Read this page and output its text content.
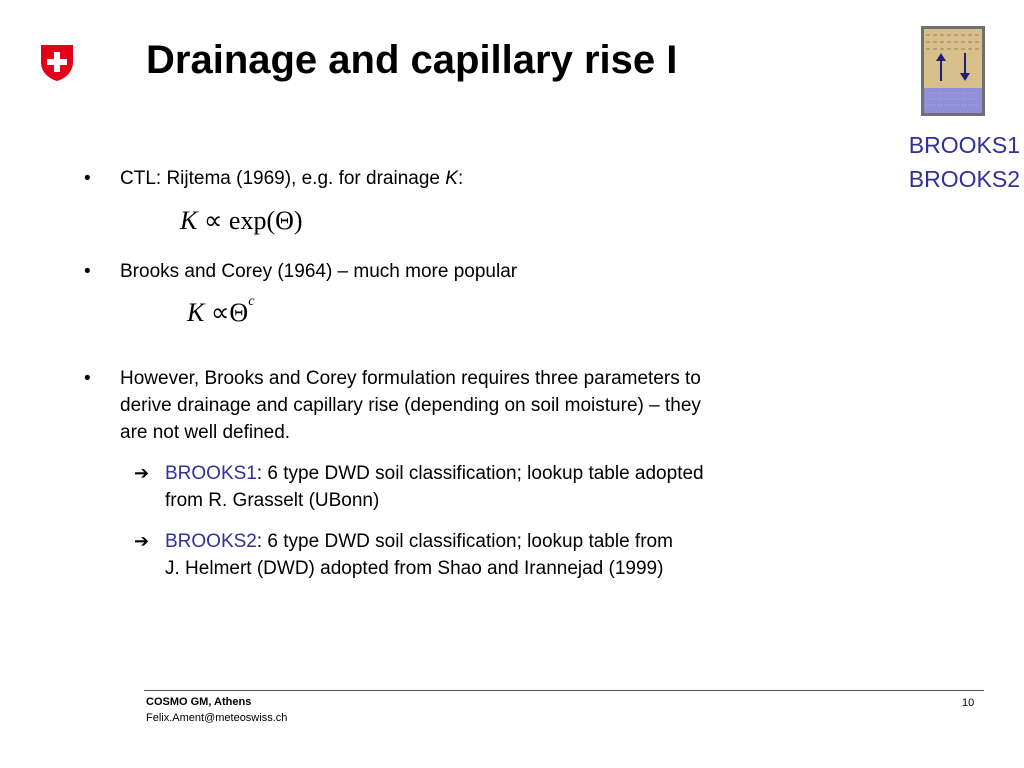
Drainage and capillary rise I
BROOKS1
BROOKS2
• CTL: Rijtema (1969), e.g. for drainage K:
K ∝ exp(Θ)
• Brooks and Corey (1964) – much more popular
$K \propto\Theta^c$
• However, Brooks and Corey formulation requires three parameters to
derive drainage and capillary rise (depending on soil moisture) – they
are not well defined.
➔ BROOKS1: 6 type DWD soil classification; lookup table adopted
from R. Grasselt (UBonn)
➔ BROOKS2: 6 type DWD soil classification; lookup table from
J. Helmert (DWD) adopted from Shao and Irannejad (1999)
COSMO GM, Athens
Felix.Ament@meteoswiss.ch
10
